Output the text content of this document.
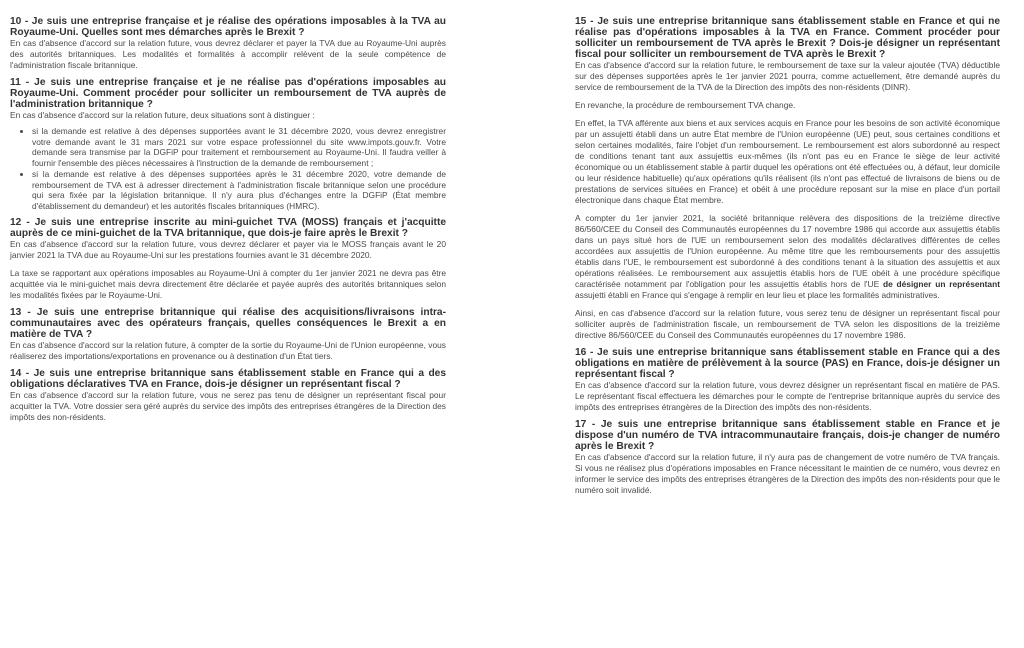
10 - Je suis une entreprise française et je réalise des opérations imposables à la TVA au Royaume-Uni. Quelles sont mes démarches après le Brexit ?

En cas d'absence d'accord sur la relation future, vous devrez déclarer et payer la TVA due au Royaume-Uni auprès des autorités britanniques. Les modalités et formalités à accomplir relèvent de la seule compétence de l'administration fiscale britannique.

11 - Je suis une entreprise française et je ne réalise pas d'opérations imposables au Royaume-Uni. Comment procéder pour solliciter un remboursement de TVA auprès de l'administration britannique ?

En cas d'absence d'accord sur la relation future, deux situations sont à distinguer :

• si la demande est relative à des dépenses supportées avant le 31 décembre 2020, vous devrez enregistrer votre demande avant le 31 mars 2021 sur votre espace professionnel du site www.impots.gouv.fr. Votre demande sera transmise par la DGFiP pour traitement et remboursement au Royaume-Uni. Il faudra veiller à fournir l'ensemble des pièces nécessaires à l'instruction de la demande de remboursement ;
• si la demande est relative à des dépenses supportées après le 31 décembre 2020, votre demande de remboursement de TVA est à adresser directement à l'administration fiscale britannique selon une procédure qui sera fixée par la législation britannique. Il n'y aura plus d'échanges entre la DGFiP (État membre d'établissement du demandeur) et les autorités fiscales britanniques (HMRC).

12 - Je suis une entreprise inscrite au mini-guichet TVA (MOSS) français et j'acquitte auprès de ce mini-guichet de la TVA britannique, que dois-je faire après le Brexit ?

En cas d'absence d'accord sur la relation future, vous devrez déclarer et payer via le MOSS français avant le 20 janvier 2021 la TVA due au Royaume-Uni sur les prestations fournies avant le 31 décembre 2020.

La taxe se rapportant aux opérations imposables au Royaume-Uni à compter du 1er janvier 2021 ne devra pas être acquittée via le mini-guichet mais devra directement être déclarée et payée auprès des autorités britanniques selon les modalités fixées par le Royaume-Uni.

13 - Je suis une entreprise britannique qui réalise des acquisitions/livraisons intra-communautaires avec des opérateurs français, quelles conséquences le Brexit a en matière de TVA ?

En cas d'absence d'accord sur la relation future, à compter de la sortie du Royaume-Uni de l'Union européenne, vous réaliserez des importations/exportations en provenance ou à destination d'un État tiers.

14 - Je suis une entreprise britannique sans établissement stable en France qui a des obligations déclaratives TVA en France, dois-je désigner un représentant fiscal ?

En cas d'absence d'accord sur la relation future, vous ne serez pas tenu de désigner un représentant fiscal pour acquitter la TVA. Votre dossier sera géré auprès du service des impôts des entreprises étrangères de la Direction des impôts des non-résidents.

15 - Je suis une entreprise britannique sans établissement stable en France et qui ne réalise pas d'opérations imposables à la TVA en France. Comment procéder pour solliciter un remboursement de TVA après le Brexit ? Dois-je désigner un représentant fiscal pour solliciter un remboursement de TVA après le Brexit ?

En cas d'absence d'accord sur la relation future, le remboursement de taxe sur la valeur ajoutée (TVA) déductible sur des dépenses supportées après le 1er janvier 2021 pourra, comme actuellement, être demandé auprès du service de remboursement de la TVA de la Direction des impôts des non-résidents (DINR).

En revanche, la procédure de remboursement TVA change.

En effet, la TVA afférente aux biens et aux services acquis en France pour les besoins de son activité économique par un assujetti établi dans un autre État membre de l'Union européenne (UE) peut, sous certaines conditions et selon certaines modalités, faire l'objet d'un remboursement. Le remboursement est alors subordonné au respect de conditions tenant tant aux assujettis eux-mêmes (ils n'ont pas eu en France le siège de leur activité économique ou un établissement stable à partir duquel les opérations ont été effectuées ou, à défaut, leur domicile ou leur résidence habituelle) qu'aux opérations qu'ils réalisent (ils n'ont pas effectué de livraisons de biens ou de prestations de services situées en France) et obéit à une procédure reposant sur la mise en place d'un portail électronique dans chaque État membre.

A compter du 1er janvier 2021, la société britannique relèvera des dispositions de la treizième directive 86/560/CEE du Conseil des Communautés européennes du 17 novembre 1986 qui accorde aux assujettis établis dans un pays situé hors de l'UE un remboursement selon des modalités déclaratives différentes de celles accordées aux assujettis de l'Union européenne. Au même titre que les remboursements pour des assujettis établis dans l'UE, le remboursement est subordonné à des conditions tenant à la situation des assujettis et aux opérations réalisées. Le remboursement aux assujettis établis hors de l'UE obéit à une procédure spécifique caractérisée notamment par l'obligation pour les assujettis établis hors de l'UE de désigner un représentant assujetti établi en France qui s'engage à remplir en leur lieu et place les formalités administratives.

Ainsi, en cas d'absence d'accord sur la relation future, vous serez tenu de désigner un représentant fiscal pour solliciter auprès de l'administration fiscale, un remboursement de TVA selon les dispositions de la treizième directive 86/560/CEE du Conseil des Communautés européennes du 17 novembre 1986.

16 - Je suis une entreprise britannique sans établissement stable en France qui a des obligations en matière de prélèvement à la source (PAS) en France, dois-je désigner un représentant fiscal ?

En cas d'absence d'accord sur la relation future, vous devrez désigner un représentant fiscal en matière de PAS. Le représentant fiscal effectuera les démarches pour le compte de l'entreprise britannique auprès du service des impôts des entreprises étrangères de la Direction des impôts des non-résidents.

17 - Je suis une entreprise britannique sans établissement stable en France et je dispose d'un numéro de TVA intracommunautaire français, dois-je changer de numéro après le Brexit ?

En cas d'absence d'accord sur la relation future, il n'y aura pas de changement de votre numéro de TVA français. Si vous ne réalisez plus d'opérations imposables en France nécessitant le maintien de ce numéro, vous devrez en informer le service des impôts des entreprises étrangères de la Direction des impôts des non-résidents pour que le numéro soit invalidé.
